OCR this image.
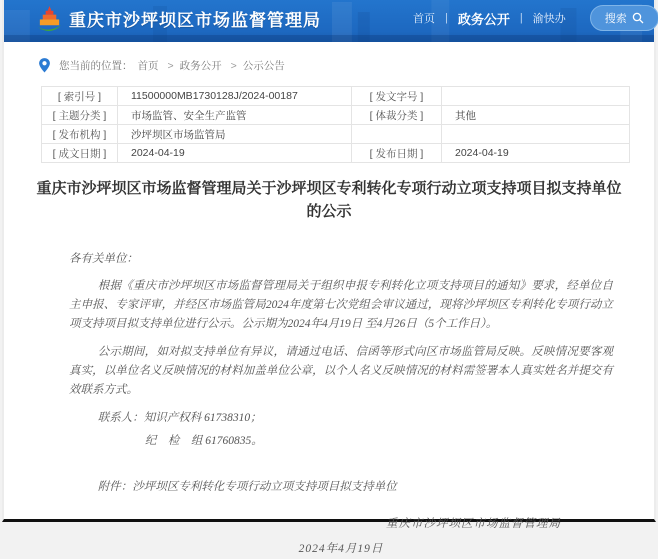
重庆市沙坪坝区市场监督管理局	首页 | 政务公开 | 渝快办	搜索
您当前的位置： 首页 > 政务公开 > 公示公告
[ 索引号 ]	11500000MB1730128J/2024-00187	[ 发文字号 ]	
[ 主题分类 ]	市场监管、安全生产监管	[ 体裁分类 ]	其他
[ 发布机构 ]	沙坪坝区市场监管局		
[ 成文日期 ]	2024-04-19	[ 发布日期 ]	2024-04-19
重庆市沙坪坝区市场监督管理局关于沙坪坝区专利转化专项行动立项支持项目拟支持单位的公示

各有关单位：

根据《重庆市沙坪坝区市场监督管理局关于组织申报专利转化立项支持项目的通知》要求，经单位自主申报、专家评审，并经区市场监管局2024年度第七次党组会审议通过，现将沙坪坝区专利转化专项行动立项支持项目拟支持单位进行公示。公示期为2024年4月19日 至4月26日（5个工作日）。

公示期间，如对拟支持单位有异议，请通过电话、信函等形式向区市场监管局反映。反映情况要客观真实，以单位名义反映情况的材料加盖单位公章，以个人名义反映情况的材料需签署本人真实姓名并提交有效联系方式。

联系人：知识产权科 61738310；

纪　检　组 61760835。

附件：沙坪坝区专利转化专项行动立项支持项目拟支持单位

重庆市沙坪坝区市场监督管理局

2024年4月19日
